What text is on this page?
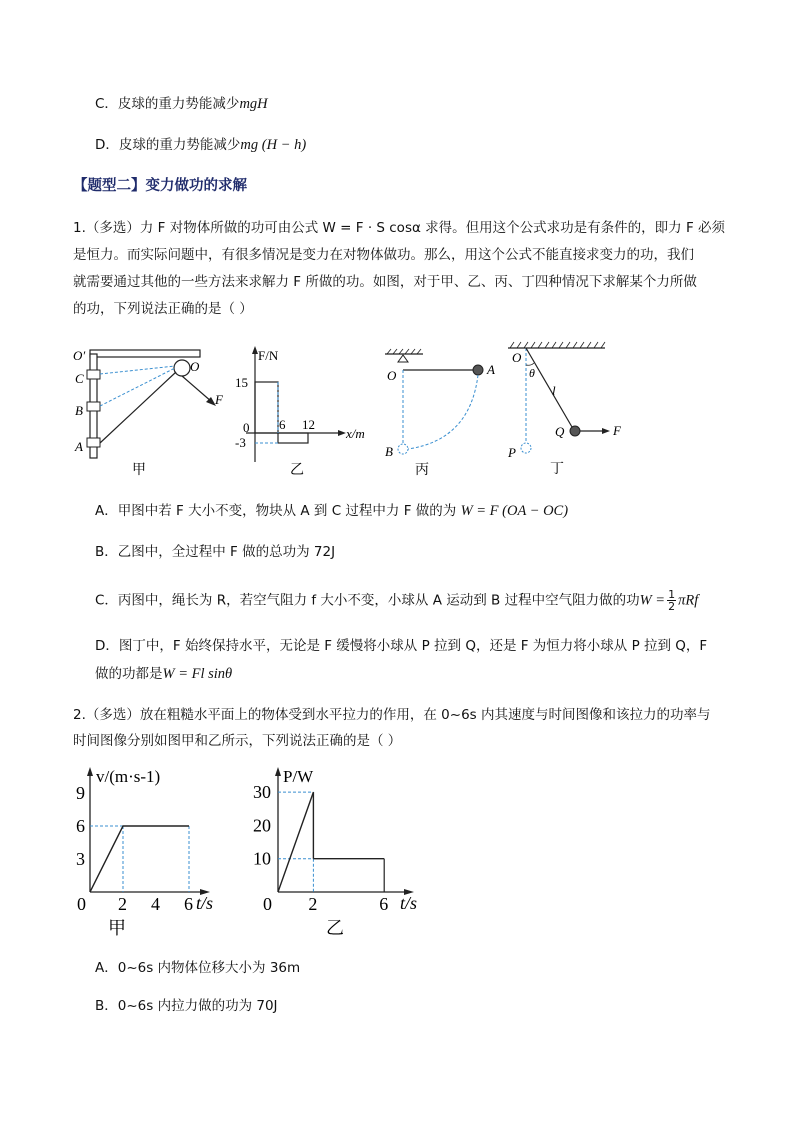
C．皮球的重力势能减少mgH
D．皮球的重力势能减少mg (H − h)
【题型二】变力做功的求解
1.（多选）力 F 对物体所做的功可由公式 W = F · S cosα 求得。但用这个公式求功是有条件的，即力 F 必须
是恒力。而实际问题中，有很多情况是变力在对物体做功。那么，用这个公式不能直接求变力的功，我们
就需要通过其他的一些方法来求解力 F 所做的功。如图，对于甲、乙、丙、丁四种情况下求解某个力所做
的功，下列说法正确的是（ ）
O′
O
C
B
A
F
甲
F/N
x/m
15
0
-3
6 12
乙
O	A
B
丙
O
θ
l
Q	F
P
丁
A．甲图中若 F 大小不变，物块从 A 到 C 过程中力 F 做的为 W = F (OA − OC)
B．乙图中，全过程中 F 做的总功为 72J
C．丙图中，绳长为 R，若空气阻力 f 大小不变，小球从 A 运动到 B 过程中空气阻力做的功$W = \frac{1}{2}$ πRf
D．图丁中，F 始终保持水平，无论是 F 缓慢将小球从 P 拉到 Q，还是 F 为恒力将小球从 P 拉到 Q，F
做的功都是W = Fl sinθ
2.（多选）放在粗糙水平面上的物体受到水平拉力的作用，在 0~6s 内其速度与时间图像和该拉力的功率与
时间图像分别如图甲和乙所示，下列说法正确的是（ ）
v/(m·s-1)
t/s
0 2 4 6
3
6
9
甲
P/W
t/s
0 2	6
10
20
30
乙
A．0~6s 内物体位移大小为 36m
B．0~6s 内拉力做的功为 70J
